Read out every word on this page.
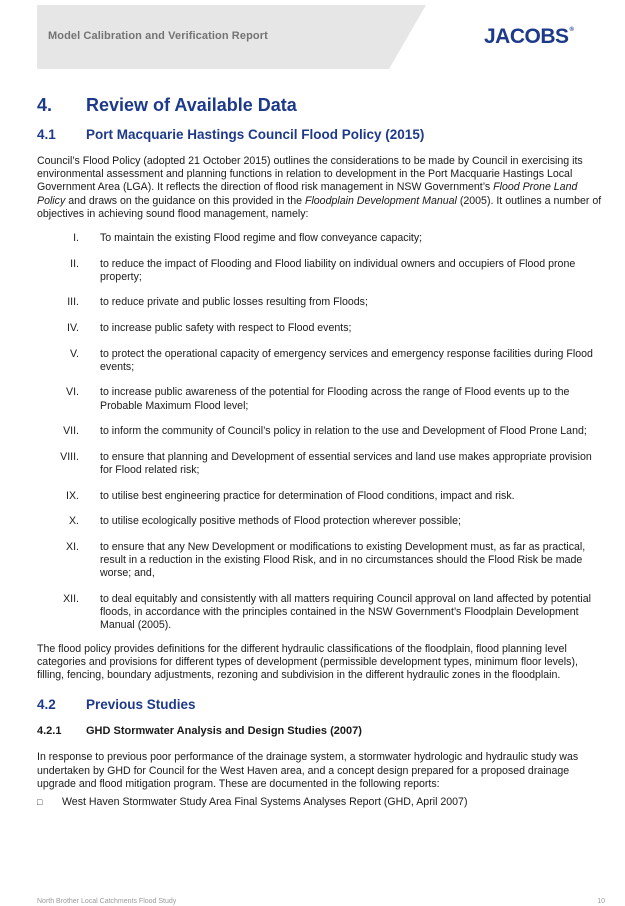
Model Calibration and Verification Report	JACOBS®
4.	Review of Available Data
4.1	Port Macquarie Hastings Council Flood Policy (2015)

Council’s Flood Policy (adopted 21 October 2015) outlines the considerations to be made by Council in exercising its environmental assessment and planning functions in relation to development in the Port Macquarie Hastings Local Government Area (LGA). It reflects the direction of flood risk management in NSW Government’s Flood Prone Land Policy and draws on the guidance on this provided in the Floodplain Development Manual (2005). It outlines a number of objectives in achieving sound flood management, namely:

I. To maintain the existing Flood regime and flow conveyance capacity;
II. to reduce the impact of Flooding and Flood liability on individual owners and occupiers of Flood prone property;
III. to reduce private and public losses resulting from Floods;
IV. to increase public safety with respect to Flood events;
V. to protect the operational capacity of emergency services and emergency response facilities during Flood events;
VI. to increase public awareness of the potential for Flooding across the range of Flood events up to the Probable Maximum Flood level;
VII. to inform the community of Council’s policy in relation to the use and Development of Flood Prone Land;
VIII. to ensure that planning and Development of essential services and land use makes appropriate provision for Flood related risk;
IX. to utilise best engineering practice for determination of Flood conditions, impact and risk.
X. to utilise ecologically positive methods of Flood protection wherever possible;
XI. to ensure that any New Development or modifications to existing Development must, as far as practical, result in a reduction in the existing Flood Risk, and in no circumstances should the Flood Risk be made worse; and,
XII. to deal equitably and consistently with all matters requiring Council approval on land affected by potential floods, in accordance with the principles contained in the NSW Government’s Floodplain Development Manual (2005).

The flood policy provides definitions for the different hydraulic classifications of the floodplain, flood planning level categories and provisions for different types of development (permissible development types, minimum floor levels), filling, fencing, boundary adjustments, rezoning and subdivision in the different hydraulic zones in the floodplain.

4.2	Previous Studies
4.2.1	GHD Stormwater Analysis and Design Studies (2007)

In response to previous poor performance of the drainage system, a stormwater hydrologic and hydraulic study was undertaken by GHD for Council for the West Haven area, and a concept design prepared for a proposed drainage upgrade and flood mitigation program. These are documented in the following reports:

□	West Haven Stormwater Study Area Final Systems Analyses Report (GHD, April 2007)
North Brother Local Catchments Flood Study	10
